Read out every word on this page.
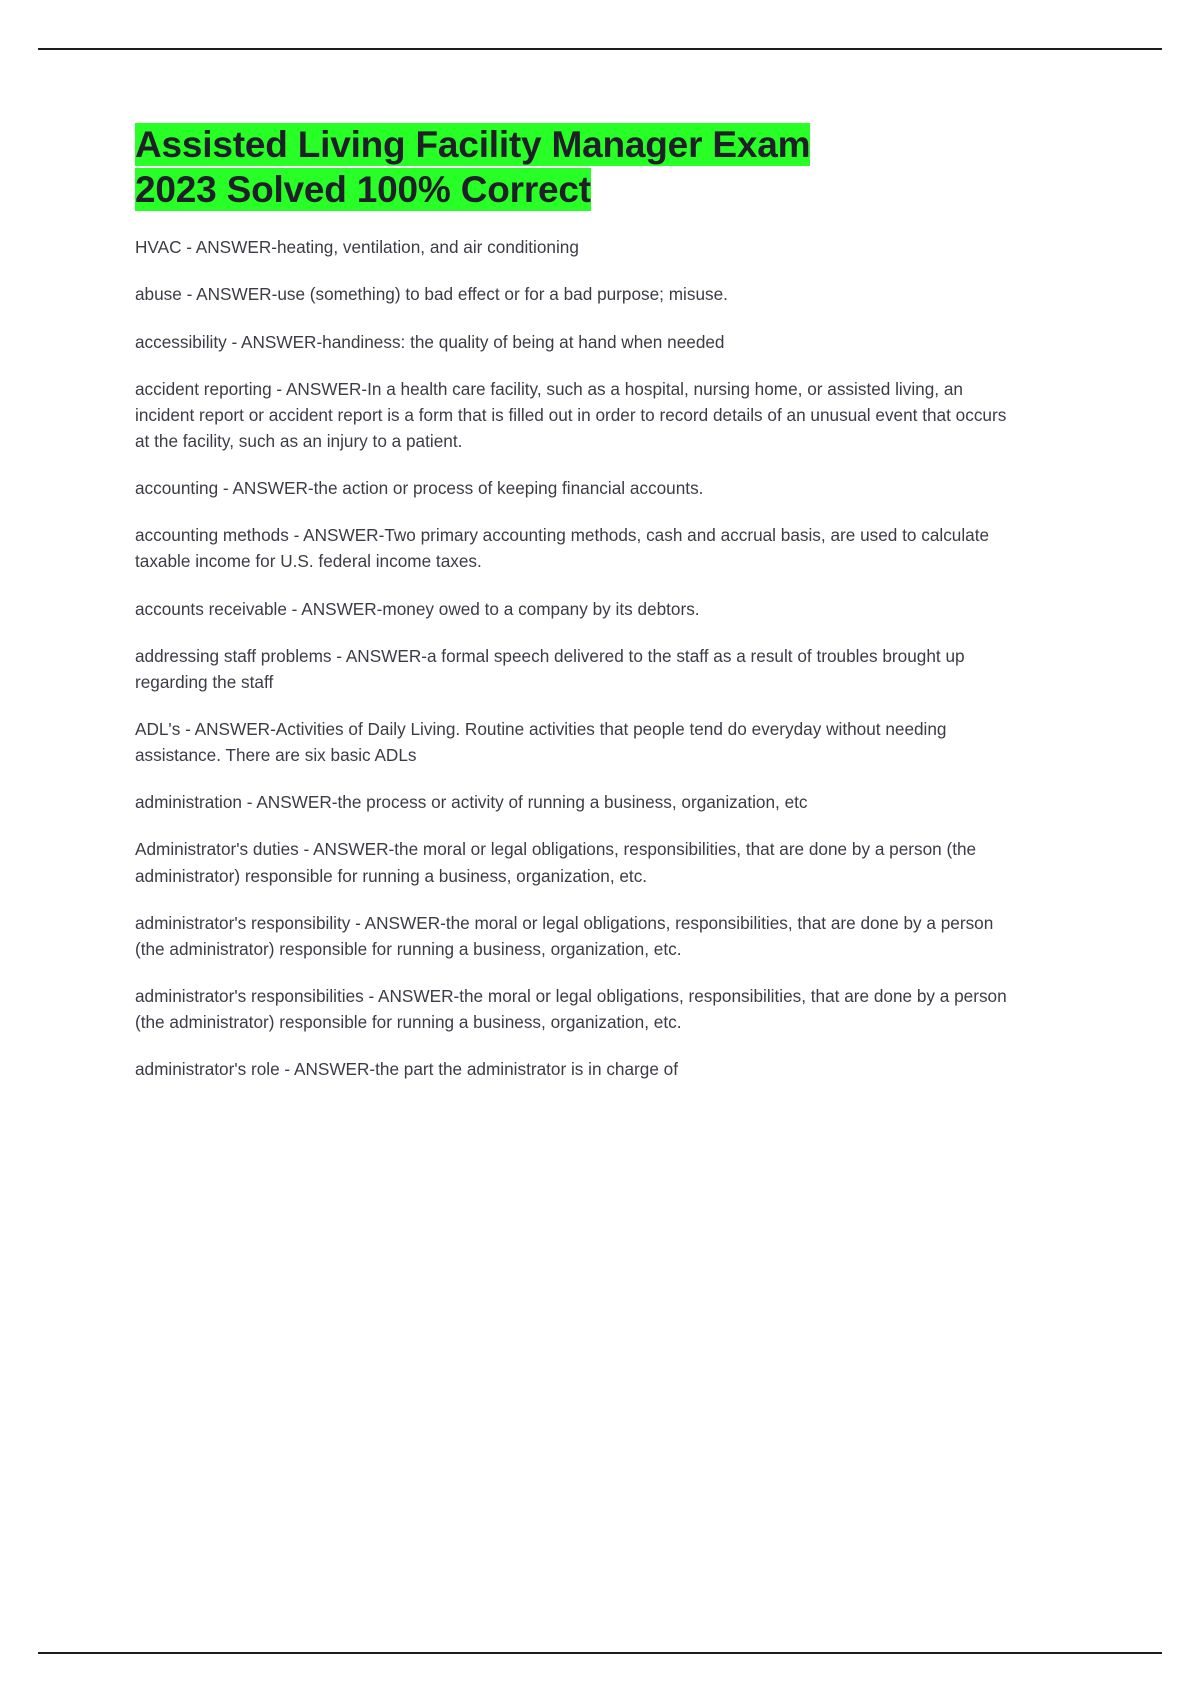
Assisted Living Facility Manager Exam
2023 Solved 100% Correct

HVAC - ANSWER-heating, ventilation, and air conditioning

abuse - ANSWER-use (something) to bad effect or for a bad purpose; misuse.

accessibility - ANSWER-handiness: the quality of being at hand when needed

accident reporting - ANSWER-In a health care facility, such as a hospital, nursing home, or assisted living, an incident report or accident report is a form that is filled out in order to record details of an unusual event that occurs at the facility, such as an injury to a patient.

accounting - ANSWER-the action or process of keeping financial accounts.

accounting methods - ANSWER-Two primary accounting methods, cash and accrual basis, are used to calculate taxable income for U.S. federal income taxes.

accounts receivable - ANSWER-money owed to a company by its debtors.

addressing staff problems - ANSWER-a formal speech delivered to the staff as a result of troubles brought up regarding the staff

ADL's - ANSWER-Activities of Daily Living. Routine activities that people tend do everyday without needing assistance. There are six basic ADLs

administration - ANSWER-the process or activity of running a business, organization, etc

Administrator's duties - ANSWER-the moral or legal obligations, responsibilities, that are done by a person (the administrator) responsible for running a business, organization, etc.

administrator's responsibility - ANSWER-the moral or legal obligations, responsibilities, that are done by a person (the administrator) responsible for running a business, organization, etc.

administrator's responsibilities - ANSWER-the moral or legal obligations, responsibilities, that are done by a person (the administrator) responsible for running a business, organization, etc.

administrator's role - ANSWER-the part the administrator is in charge of
